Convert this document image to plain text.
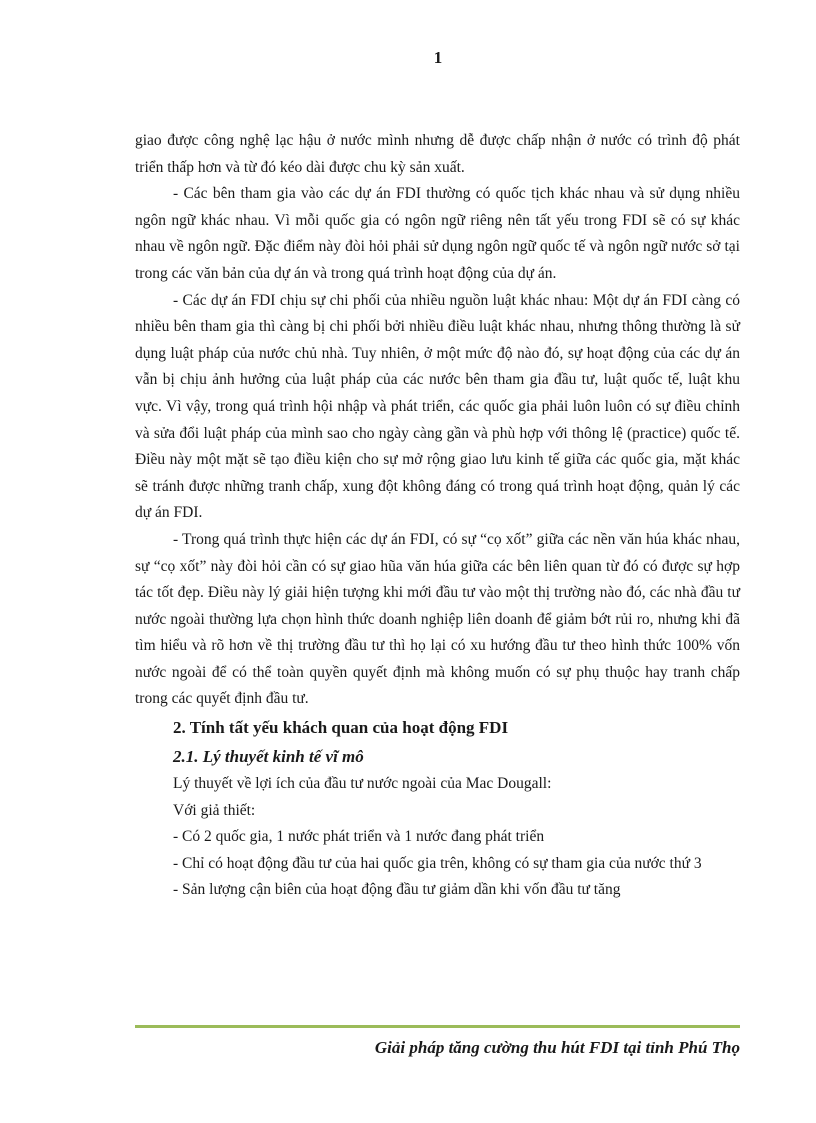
1

giao được công nghệ lạc hậu ở nước mình nhưng dễ được chấp nhận ở nước có trình độ phát triển thấp hơn và từ đó kéo dài được chu kỳ sản xuất.

- Các bên tham gia vào các dự án FDI thường có quốc tịch khác nhau và sử dụng nhiều ngôn ngữ khác nhau. Vì mỗi quốc gia có ngôn ngữ riêng nên tất yếu trong FDI sẽ có sự khác nhau về ngôn ngữ. Đặc điểm này đòi hỏi phải sử dụng ngôn ngữ quốc tế và ngôn ngữ nước sở tại trong các văn bản của dự án và trong quá trình hoạt động của dự án.

- Các dự án FDI chịu sự chi phối của nhiều nguồn luật khác nhau: Một dự án FDI càng có nhiều bên tham gia thì càng bị chi phối bởi nhiều điều luật khác nhau, nhưng thông thường là sử dụng luật pháp của nước chủ nhà. Tuy nhiên, ở một mức độ nào đó, sự hoạt động của các dự án vẫn bị chịu ảnh hưởng của luật pháp của các nước bên tham gia đầu tư, luật quốc tế, luật khu vực. Vì vậy, trong quá trình hội nhập và phát triển, các quốc gia phải luôn luôn có sự điều chỉnh và sửa đổi luật pháp của mình sao cho ngày càng gần và phù hợp với thông lệ (practice) quốc tế. Điều này một mặt sẽ tạo điều kiện cho sự mở rộng giao lưu kinh tế giữa các quốc gia, mặt khác sẽ tránh được những tranh chấp, xung đột không đáng có trong quá trình hoạt động, quản lý các dự án FDI.

- Trong quá trình thực hiện các dự án FDI, có sự “cọ xốt” giữa các nền văn húa khác nhau, sự “cọ xốt” này đòi hỏi cần có sự giao hũa văn húa giữa các bên liên quan từ đó có được sự hợp tác tốt đẹp. Điều này lý giải hiện tượng khi mới đầu tư vào một thị trường nào đó, các nhà đầu tư nước ngoài thường lựa chọn hình thức doanh nghiệp liên doanh để giảm bớt rủi ro, nhưng khi đã tìm hiểu và rõ hơn về thị trường đầu tư thì họ lại có xu hướng đầu tư theo hình thức 100% vốn nước ngoài để có thể toàn quyền quyết định mà không muốn có sự phụ thuộc hay tranh chấp trong các quyết định đầu tư.

2. Tính tất yếu khách quan của hoạt động FDI

2.1. Lý thuyết kinh tế vĩ mô

Lý thuyết về lợi ích của đầu tư nước ngoài của Mac Dougall:

Với giả thiết:

- Có 2 quốc gia, 1 nước phát triển và 1 nước đang phát triển

- Chỉ có hoạt động đầu tư của hai quốc gia trên, không có sự tham gia của nước thứ 3

- Sản lượng cận biên của hoạt động đầu tư giảm dần khi vốn đầu tư tăng

Giải pháp tăng cường thu hút FDI tại tỉnh Phú Thọ
